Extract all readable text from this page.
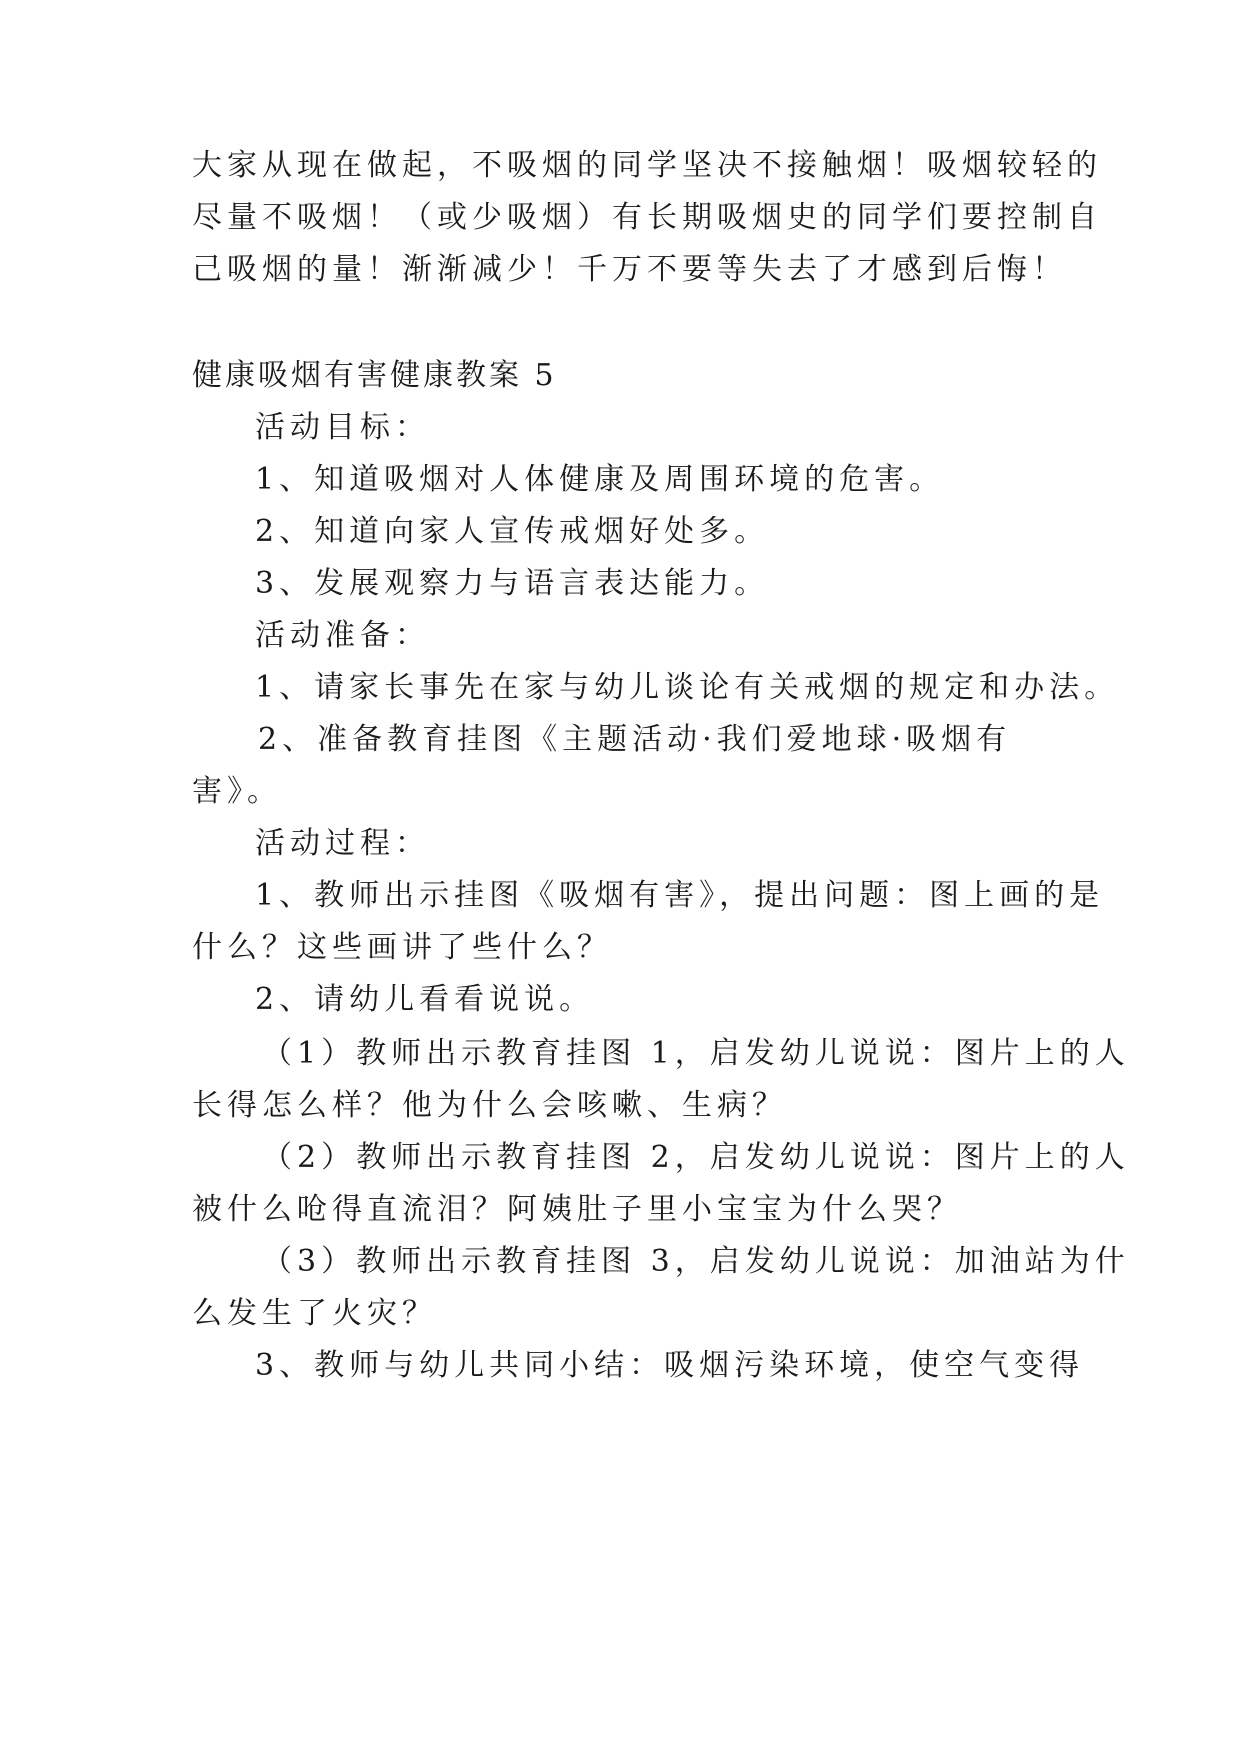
大家从现在做起，不吸烟的同学坚决不接触烟！吸烟较轻的
尽量不吸烟！（或少吸烟）有长期吸烟史的同学们要控制自
己吸烟的量！渐渐减少！千万不要等失去了才感到后悔！
健康吸烟有害健康教案 5
活动目标：
1、知道吸烟对人体健康及周围环境的危害。
2、知道向家人宣传戒烟好处多。
3、发展观察力与语言表达能力。
活动准备：
1、请家长事先在家与幼儿谈论有关戒烟的规定和办法。
2、准备教育挂图《主题活动·我们爱地球·吸烟有
害》。
活动过程：
1、教师出示挂图《吸烟有害》，提出问题：图上画的是
什么？这些画讲了些什么？
2、请幼儿看看说说。
（1）教师出示教育挂图 1，启发幼儿说说：图片上的人
长得怎么样？他为什么会咳嗽、生病？
（2）教师出示教育挂图 2，启发幼儿说说：图片上的人
被什么呛得直流泪？阿姨肚子里小宝宝为什么哭？
（3）教师出示教育挂图 3，启发幼儿说说：加油站为什
么发生了火灾？
3、教师与幼儿共同小结：吸烟污染环境，使空气变得
